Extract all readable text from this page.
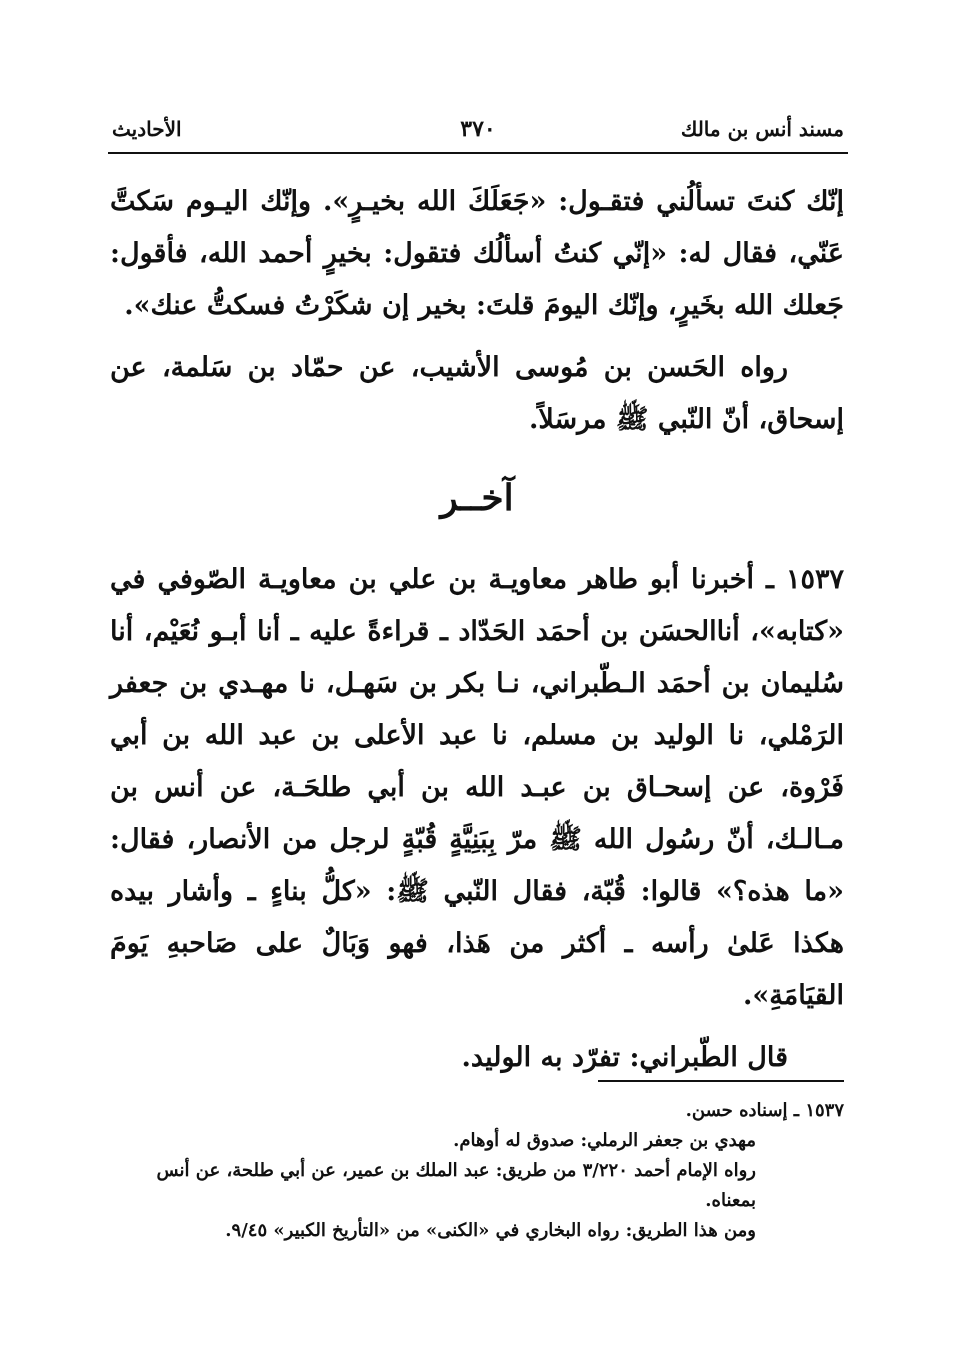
مسند أنس بن مالك
٣٧٠
الأحاديث

إنّك كنتَ تسألُني فتقـول: «جَعَلَكَ الله بخيـرٍ». وإنّك اليـوم سَكتَّ عَنّي، فقال له: «إنّي كنتُ أسألُك فتقول: بخيرٍ أحمد الله، فأقول: جَعلك الله بخَيرٍ، وإنّك اليومَ قلتَ: بخير إن شكَرْتُ فسكتُّ عنك».

رواه الحَسن بن مُوسى الأشيب، عن حمّاد بن سَلمة، عن إسحاق، أنّ النّبي ﷺ مرسَلاً.

آخــر

١٥٣٧ ـ أخبرنا أبو طاهر معاويـة بن علي بن معاويـة الصّوفي في «كتابه»، أناالحسَن بن أحمَد الحَدّاد ـ قراءةً عليه ـ أنا أبـو نُعَيْم، أنا سُليمان بن أحمَد الـطّبراني، نـا بكر بن سَهـل، نا مهـدي بن جعفر الرَمْلي، نا الوليد بن مسلم، نا عبد الأعلى بن عبد الله بن أبي فَرْوة، عن إسحـاق بن عبـد الله بن أبي طلحَـة، عن أنس بن مـالـك، أنّ رسُول الله ﷺ مرّ بِبَنِيَّةٍ قُبّةٍ لرجل من الأنصار، فقال: «ما هذه؟» قالوا: قُبّة، فقال النّبي ﷺ: «كلُّ بناءٍ ـ وأشار بيده هكذا عَلىٰ رأسه ـ أكثر من هَذا، فهو وَبَالٌ على صَاحبهِ يَومَ القيَامَةِ».

قال الطّبراني: تفرّد به الوليد.

١٥٣٧ ـ إسناده حسن.

مهدي بن جعفر الرملي: صدوق له أوهام.

رواه الإمام أحمد ٣/٢٢٠ من طريق: عبد الملك بن عمير، عن أبي طلحة، عن أنس بمعناه.

ومن هذا الطريق: رواه البخاري في «الكنى» من «التأريخ الكبير» ٩/٤٥.
